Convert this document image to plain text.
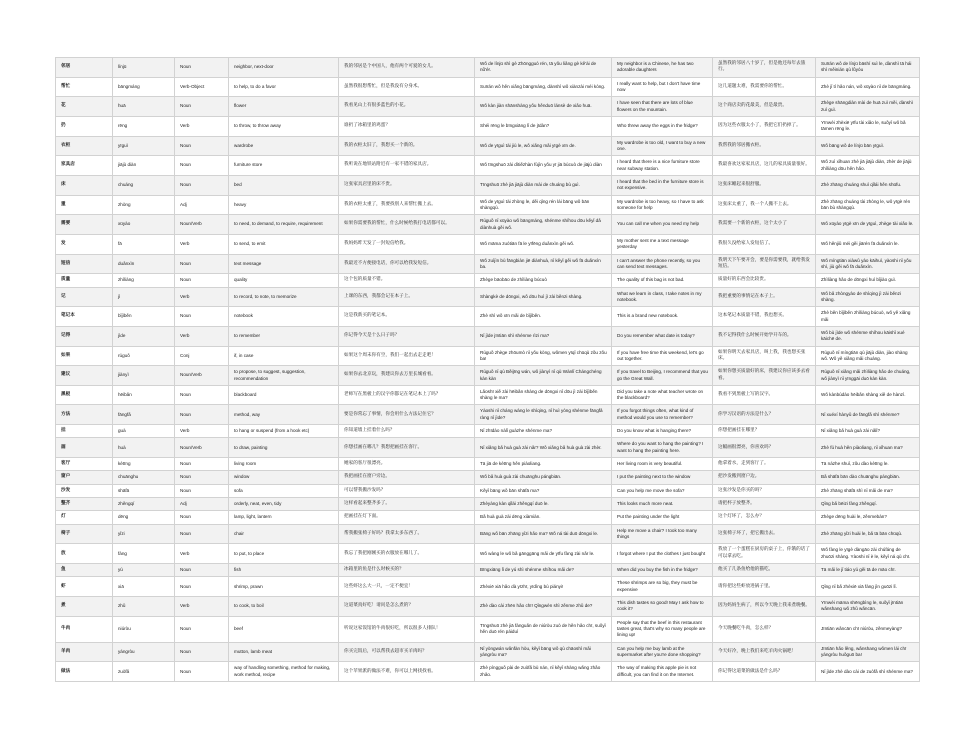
邻居	línjū	Noun	neighbor, next-door	我的邻居是个中国人，他有两个可爱的女儿。	Wǒ de línjū shì gè Zhōngguó rén, tā yǒu liǎng gè kě'ài de nǚ'ér.	My neighbor is a Chinese, he has two adorable daughters	虽然我的邻居八十岁了，但是他还每年去旅行。	Suīrán wǒ de línjū bāshí suì le, dànshì tā hái shì měinián qù lǚyóu
帮忙	bāngmáng	Verb-Object	to help, to do a favor	虽然我很想帮忙，但是我没有分身术。	Suīrán wǒ hěn xiǎng bāngmáng, dànshì wǒ xiànzài méi kòng.	I really want to help, but I don't have time now	这几道题太难，我需要你的帮忙。	Zhè jǐ tí hǎo nán, wǒ xūyào nǐ de bāngmáng.
花	huā	Noun	flower	我看见山上有很多蓝色的小花。	Wǒ kàn jiàn shānshàng yǒu hěnduō lánsè de xiǎo huā.	I have seen that there are lots of blue flowers on the mountain.	这个商店卖的花最美，但是最贵。	Zhège shāngdiàn mài de huā zuì měi, dànshì zuì guì.
扔	rēng	Verb	to throw, to throw away	谁扔了冰箱里的鸡蛋？	Shéi rēng le bīngxiāng lǐ de jīdàn?	Who threw away the eggs in the fridge?	因为这些衣服太小了，我把它们扔掉了。	Yīnwèi zhèxiē yīfu tài xiǎo le, suǒyǐ wǒ bǎ tāmen rēng le.
衣柜	yīguì	Noun	wardrobe	我的衣柜太旧了，我想买一个新的。	Wǒ de yīguì tài jiù le, wǒ xiǎng mǎi yīgè xīn de.	My wardrobe is too old, I want to buy a new one.	我帮我的邻居搬衣柜。	Wǒ bāng wǒ de línjū bān yīguì.
家具店	jiājù diàn	Noun	furniture store	我听说在地铁站附近有一家不错的家具店。	Wǒ tīngshuō zài dìtiězhàn fùjìn yǒu yī jiā bùcuò de jiājù diàn	I heard that there is a nice furniture store near subway station.	我最喜欢这家家具店，这儿的家具质量很好。	Wǒ zuì xǐhuan zhè jiā jiājù diàn, zhèr de jiājù zhìliàng dōu hěn hǎo.
床	chuáng	Noun	bed	这张家具店里的床不贵。	Tīngshuō zhè jiā jiājù diàn mài de chuáng bù guì.	I heard that the bed in the furniture store is not expensive.	这张床睡起来很舒服。	Zhè zhāng chuáng shuì qǐlái hěn shūfu.
重	zhòng	Adj	heavy	我的衣柜太重了，我要找别人来帮忙搬上去。	Wǒ de yīguì tài zhòng le, děi qǐng rén lái bāng wǒ bān shàngqù.	My wardrobe is too heavy, so I have to ask someone for help	这张床太重了，我一个人搬不上去。	Zhè zhāng chuáng tài zhòng le, wǒ yīgè rén bān bù shàngqù.
需要	xūyào	Noun/Verb	to need, to demand, to require, requirement	如果你需要我的帮忙，什么时候给我打电话都可以。	Rúguǒ nǐ xūyào wǒ bāngmáng, shénme shíhou dōu kěyǐ dǎ diànhuà gěi wǒ.	You can call me when you need my help	我需要一个新的衣柜，这个太小了	Wǒ xūyào yīgè xīn de yīguì, zhège tài xiǎo le.
发	fā	Verb	to send, to emit	我妈妈昨天发了一封短信给我。	Wǒ māma zuótiān fā le yīfēng duǎnxìn gěi wǒ.	My mother sent me a text message yesterday	我很久没给家人发短信了。	Wǒ hěnjiǔ méi gěi jiārén fā duǎnxìn le.
短信	duǎnxìn	Noun	text message	我最近不方便接电话，你可以给我发短信。	Wǒ zuìjìn bù fāngbiàn jiē diànhuà, nǐ kěyǐ gěi wǒ fā duǎnxìn ba.	I can't answer the phone recently, so you can send text messages.	我明天下午要开会，要是你需要我，就给我发短信。	Wǒ míngtiān xiàwǔ yào kāihuì, yàoshi nǐ yǒu shì, jiù gěi wǒ fā duǎnxìn.
质量	zhìliàng	Noun	quality	这个包的质量不错。	Zhège bāobāo de zhìliàng búcuò	The quality of this bag is not bad.	质量好的东西会比较贵。	Zhìliàng hǎo de dōngxi huì bǐjiào guì.
记	jì	Verb	to record, to note, to memorize	上课的东西，我都会记在本子上。	Shàngkè de dōngxi, wǒ dōu huì jì zài běnzi shàng.	What we learn in class, I take notes in my notebook.	我把重要的事情记在本子上。	Wǒ bǎ zhòngyào de shìqing jì zài běnzi shàng.
笔记本	bǐjìběn	Noun	notebook	这是我新买的笔记本。	Zhè shì wǒ xīn mǎi de bǐjìběn.	This is a brand new notebook.	这本笔记本质量不错，我也想买。	Zhè běn bǐjìběn zhìliàng búcuò, wǒ yě xiǎng mǎi
记得	jìde	Verb	to remember	你记得今天是十么日子吗？	Nǐ jìde jīntiān shì shénme rìzi ma?	Do you remember what date is today?	我不记得我什么时候开始学开车的。	Wǒ bù jìde wǒ shénme shíhou kāishǐ xué kāichē de.
如果	rúguǒ	Conj	if, in case	如果这个周末你有空，我们一起出去走走吧！	Rúguǒ zhège zhōumò nǐ yǒu kòng, wǒmen yīqǐ chūqù zǒu zǒu ba!	If you have free time this weekend, let's go out together.	如果你明天去家具店，叫上我，我也想买张床。	Rúguǒ nǐ míngtiān qù jiājù diàn, jiào shàng wǒ. Wǒ yě xiǎng mǎi chuáng.
建议	jiànyì	Noun/Verb	to propose, to suggest, suggestion, recommendation	如果你去北京玩，我建议你去万里长城看看。	Rúguǒ nǐ qù Běijīng wán, wǒ jiànyì nǐ qù Wànlǐ Chángchéng kàn kàn	If you travel to Beijing, I recommend that you go the Great Wall.	如果你想买质量好的床，我建议你应该多去看看。	Rúguǒ nǐ xiǎng mǎi zhìliàng hǎo de chuáng, wǒ jiànyì nǐ yīnggāi duō kàn kàn.
黑板	hēibǎn	Noun	blackboard	老师写在黑板上的汉字你都记在笔记本上了吗？	Lǎoshī xiě zài hēibǎn shàng de dōngxi nǐ dōu jì zài bǐjìběn shàng le ma?	Did you take a note what teacher wrote on the blackboard?	我看不到黑板上写的汉字。	Wǒ kànbúdào hēibǎn shàng xiě de hànzì.
方法	fāngfǎ	Noun	method, way	要是你常忘了事情，你会用什么方法记住它？	Yàoshi nǐ cháng wàng le shìqing, nǐ huì yòng shénme fāngfǎ ràng nǐ jìde?	If you forgot things often, what kind of method would you use to remember?	你学习汉语的方法是什么？	Nǐ xuéxí hànyǔ de fāngfǎ shì shénme?
挂	guà	Verb	to hang or suspend (from a hook etc)	你知道墙上挂着什么吗？	Nǐ zhīdào nàlǐ guàzhe shénme ma?	Do you know what is hanging there?	你想把画挂在哪里？	Nǐ xiǎng bǎ huà guà zài nǎlǐ?
画	huà	Noun/Verb	to draw, painting	你想挂画在哪儿？我想把画挂在客厅。	Nǐ xiǎng bǎ huà guà zài nǎr? Wǒ xiǎng bǎ huà guà zài zhèr.	Where do you want to hang the painting? I want to hang the painting here.	这幅画很漂亮，你喜欢吗？	Zhè fú huà hěn piàoliang, nǐ xǐhuan ma?
客厅	kètīng	Noun	living room	她家的客厅很漂亮。	Tā jiā de kètīng hěn piàoliang.	Her living room is very beautiful.	他拿着水，走到客厅了。	Tā názhe shuǐ, zǒu dào kètīng le.
窗户	chuānghu	Noun	window	我把画挂在窗户旁边。	Wǒ bǎ huà guà zài chuānghu pángbiān.	I put the painting next to the window	把沙发搬到窗户边。	Bǎ shāfā bān dào chuānghu pángbiān.
沙发	shāfā	Noun	sofa	可以帮我搬沙发吗？	Kěyǐ bāng wǒ bān shāfā ma?	Can you help me move the sofa?	这张沙发是你买的吗？	Zhè zhāng shāfā shì nǐ mǎi de ma?
整齐	zhěngqí	Adj	orderly, neat, even, tidy	这样看起来整齐多了。	Zhèyàng kàn qǐlái zhěngqí duō le.	This looks much more neat.	请把杯子放整齐。	Qǐng bǎ bēizi fàng zhěngqí.
灯	dēng	Noun	lamp, light, lantern	把画挂在灯下面。	Bǎ huà guà zài dēng xiàmiàn.	Put the painting under the light	这个灯坏了，怎么办？	Zhège dēng huài le, zěnmebàn?
椅子	yǐzi	Noun	chair	帮我搬张椅子好吗？我拿太多东西了。	Bāng wǒ bān zhāng yǐzi hǎo ma? Wǒ ná tài duō dōngxi le.	Help me move a chair? I took too many things	这张椅子坏了，把它搬出去。	Zhè zhāng yǐzi huài le, bǎ tā bān chūqù.
放	fàng	Verb	to put, to place	我忘了我把刚刚买的衣服放在哪儿了。	Wǒ wàng le wǒ bǎ gānggāng mǎi de yīfu fàng zài nǎr le.	I forgot where I put the clothes I just bought	我放了一个蛋糕在厨房的桌子上，你饿的话了可以拿去吃。	Wǒ fàng le yīgè dàngāo zài chúfáng de zhuōzi shàng. Yàoshi nǐ è le, kěyǐ ná qù chī.
鱼	yú	Noun	fish	冰箱里的鱼是什么时候买的？	Bīngxiāng lǐ de yú shì shénme shíhou mǎi de?	When did you buy the fish in the fridge?	他买了几条鱼给他的猫吃。	Tā mǎi le jǐ tiáo yú gěi tā de māo chī.
虾	xiā	Noun	shrimp, prawn	这些虾这么大一只，一定不便宜！	Zhèxiē xiā hǎo dà yīzhī, yīdìng bù piányi!	These shrimps are so big, they must be expensive	请你把这些虾放进锅子里。	Qǐng nǐ bǎ zhèxiē xiā fàng jìn guōzi lǐ.
煮	zhǔ	Verb	to cook, to boil	这道菜真好吃！请问是怎么煮的？	Zhè dào cài zhēn hǎo chī! Qǐngwèn shì zěnme zhǔ de?	This dish tastes so good! May I ask how to cook it?	因为妈妈生病了，所以今天晚上我来煮晚餐。	Yīnwèi māma shēngbìng le, suǒyǐ jīntiān wǎnshang wǒ zhǔ wǎncān.
牛肉	niúròu	Noun	beef	听说这家饭馆的牛肉很好吃，所以很多人排队！	Tīngshuō zhè jiā fànguǎn de niúròu zuò de hěn hǎo chī, suǒyǐ hěn duō rén páiduì	People say that the beef in this restaurant tastes great, that's why so many people are lining up!	今天晚餐吃牛肉，怎么样？	Jīntiān wǎncān chī niúròu, zěnmeyàng?
羊肉	yángròu	Noun	mutton, lamb meat	你买完饭后，可以帮我去超市买羊肉吗？	Nǐ yòngwán wǎnfàn hòu, kěyǐ bāng wǒ qù chāoshì mǎi yángròu ma?	Can you help me buy lamb at the supermarket after you're done shopping?	今天好冷，晚上我们来吃羊肉火锅吧！	Jīntiān hǎo lěng, wǎnshang wǒmen lái chī yángròu huǒguō ba!
做法	zuòfǎ	Noun	way of handling something, method for making, work method, recipe	这个苹果派的做法不难，你可以上网找找看。	Zhè píngguǒ pài de zuòfǎ bù nán, nǐ kěyǐ shàng wǎng zhǎo zhǎo.	The way of making this apple pie is not difficult, you can find it on the Internet.	你记得这道菜的做法是什么吗？	Nǐ jìde zhè dào cài de zuòfǎ shì shénme ma?
